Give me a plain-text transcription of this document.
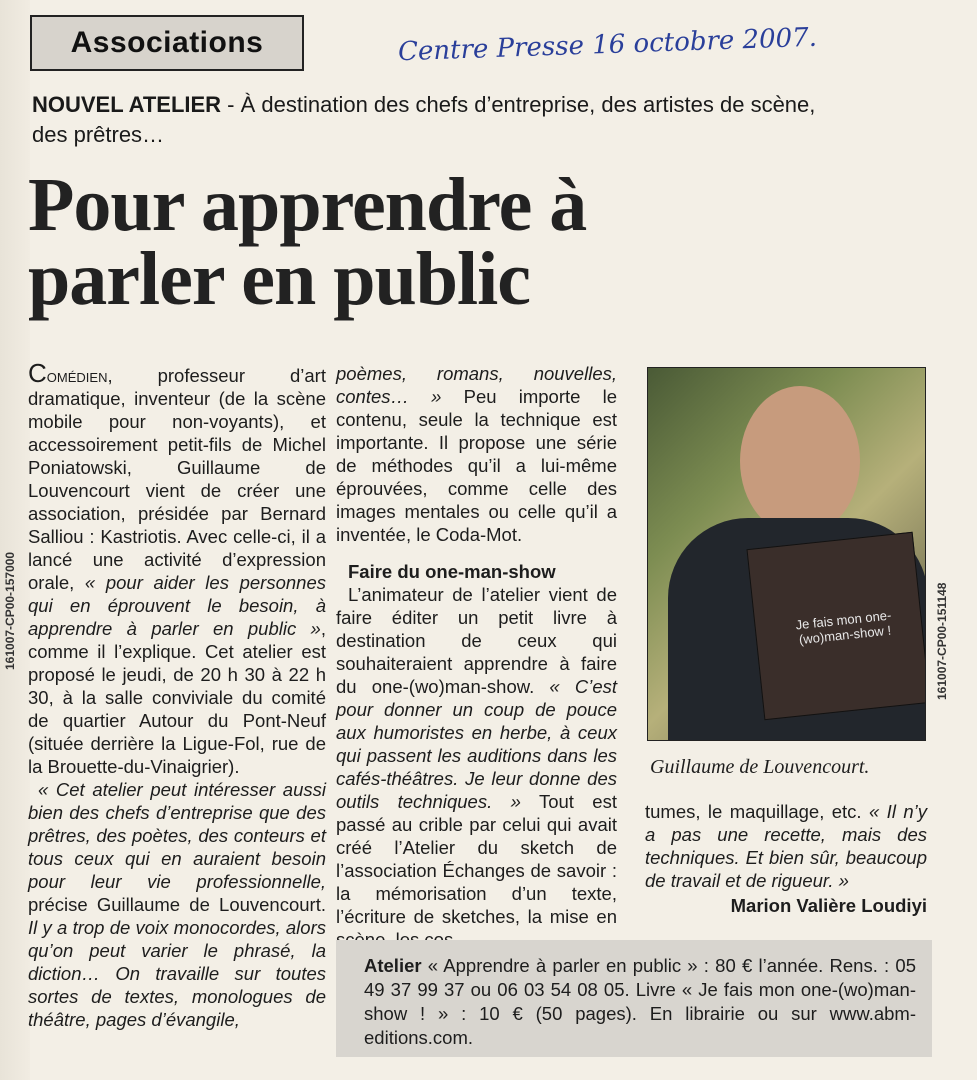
Associations	Centre Presse 16 octobre 2007.
NOUVEL ATELIER - À destination des chefs d’entreprise, des artistes de scène, des prêtres…
Pour apprendre à parler en public
161007-CP00-157000

Comédien, professeur d’art dramatique, inventeur (de la scène mobile pour non-voyants), et accessoirement petit-fils de Michel Poniatowski, Guillaume de Louvencourt vient de créer une association, présidée par Bernard Salliou : Kastriotis. Avec celle-ci, il a lancé une activité d’expression orale, « pour aider les personnes qui en éprouvent le besoin, à apprendre à parler en public », comme il l’explique. Cet atelier est proposé le jeudi, de 20 h 30 à 22 h 30, à la salle conviviale du comité de quartier Autour du Pont-Neuf (située derrière la Ligue-Fol, rue de la Brouette-du-Vinaigrier).

« Cet atelier peut intéresser aussi bien des chefs d’entreprise que des prêtres, des poètes, des conteurs et tous ceux qui en auraient besoin pour leur vie professionnelle, précise Guillaume de Louvencourt. Il y a trop de voix monocordes, alors qu’on peut varier le phrasé, la diction… On travaille sur toutes sortes de textes, monologues de théâtre, pages d’évangile,

poèmes, romans, nouvelles, contes… » Peu importe le contenu, seule la technique est importante. Il propose une série de méthodes qu’il a lui-même éprouvées, comme celle des images mentales ou celle qu’il a inventée, le Coda-Mot.

Faire du one-man-show

L’animateur de l’atelier vient de faire éditer un petit livre à destination de ceux qui souhaiteraient apprendre à faire du one-(wo)man-show. « C’est pour donner un coup de pouce aux humoristes en herbe, à ceux qui passent les auditions dans les cafés-théâtres. Je leur donne des outils techniques. » Tout est passé au crible par celui qui avait créé l’Atelier du sketch de l’association Échanges de savoir : la mémorisation d’un texte, l’écriture de sketches, la mise en

Je fais mon one-(wo)man-show !	161007-CP00-151148
Guillaume de Louvencourt.

tumes, le maquillage, etc. « Il n’y a pas une recette, mais des techniques. Et bien sûr, beaucoup de travail et de rigueur. »

Marion Valière Loudiyi
Atelier « Apprendre à parler en public » : 80 € l’année. Rens. : 05 49 37 99 37 ou 06 03 54 08 05. Livre « Je fais mon one-(wo)man-show ! » : 10 € (50 pages). En librairie ou sur www.abm-editions.com.
